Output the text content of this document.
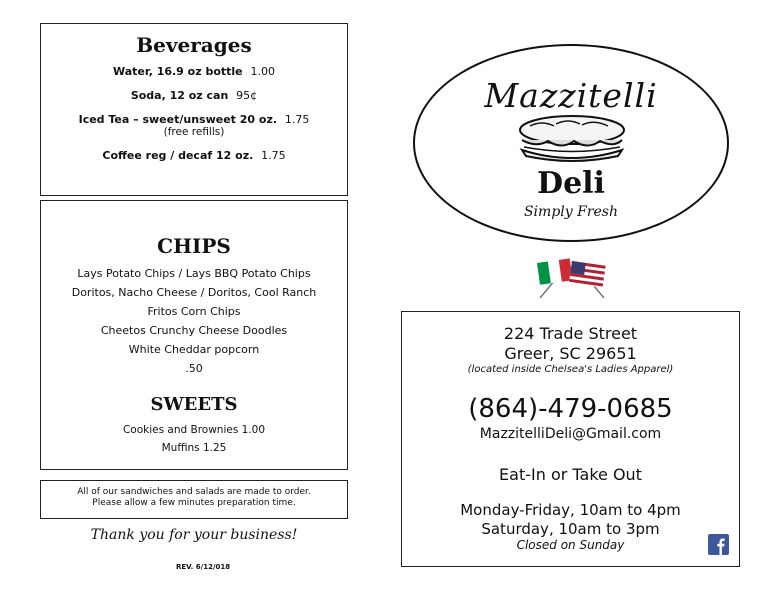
Beverages
Water, 16.9 oz bottle 1.00
Soda, 12 oz can 95¢
Iced Tea – sweet/unsweet 20 oz. 1.75
(free refills)
Coffee reg / decaf 12 oz. 1.75
CHIPS
Lays Potato Chips / Lays BBQ Potato Chips
Doritos, Nacho Cheese / Doritos, Cool Ranch
Fritos Corn Chips
Cheetos Crunchy Cheese Doodles
White Cheddar popcorn
.50
SWEETS
Cookies and Brownies 1.00
Muffins 1.25
All of our sandwiches and salads are made to order.
Please allow a few minutes preparation time.
Thank you for your business!
REV. 6/12/018
Mazzitelli
Deli
Simply Fresh
224 Trade Street
Greer, SC 29651
(located inside Chelsea's Ladies Apparel)
(864)-479-0685
MazzitelliDeli@Gmail.com
Eat-In or Take Out
Monday-Friday, 10am to 4pm
Saturday, 10am to 3pm
Closed on Sunday
